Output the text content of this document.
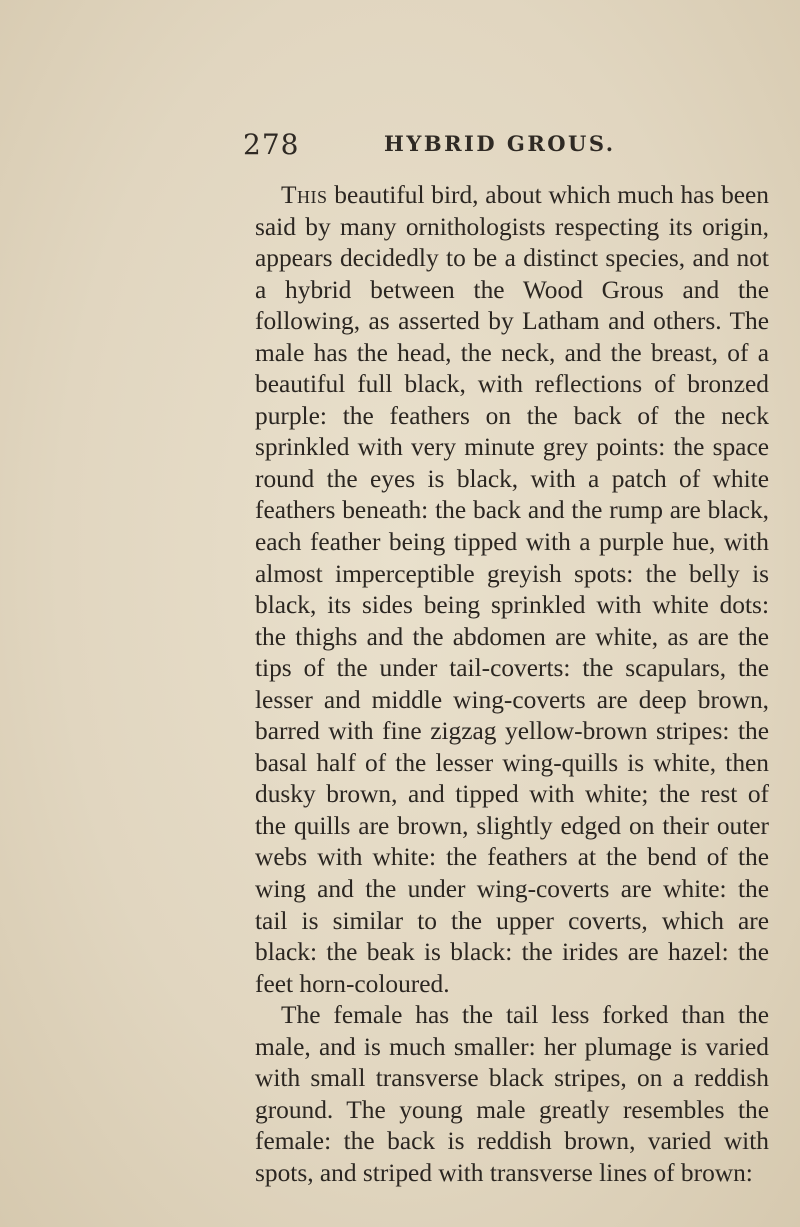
278	HYBRID GROUS.

This beautiful bird, about which much has been said by many ornithologists respecting its origin, appears decidedly to be a distinct species, and not a hybrid between the Wood Grous and the following, as asserted by Latham and others. The male has the head, the neck, and the breast, of a beautiful full black, with reflections of bronzed purple: the feathers on the back of the neck sprinkled with very minute grey points: the space round the eyes is black, with a patch of white feathers beneath: the back and the rump are black, each feather being tipped with a purple hue, with almost imperceptible greyish spots: the belly is black, its sides being sprinkled with white dots: the thighs and the abdomen are white, as are the tips of the under tail-coverts: the scapulars, the lesser and middle wing-coverts are deep brown, barred with fine zigzag yellow-brown stripes: the basal half of the lesser wing-quills is white, then dusky brown, and tipped with white; the rest of the quills are brown, slightly edged on their outer webs with white: the feathers at the bend of the wing and the under wing-coverts are white: the tail is similar to the upper coverts, which are black: the beak is black: the irides are hazel: the feet horn-coloured.

The female has the tail less forked than the male, and is much smaller: her plumage is varied with small transverse black stripes, on a reddish ground. The young male greatly resembles the female: the back is reddish brown, varied with spots, and striped with transverse lines of brown:
